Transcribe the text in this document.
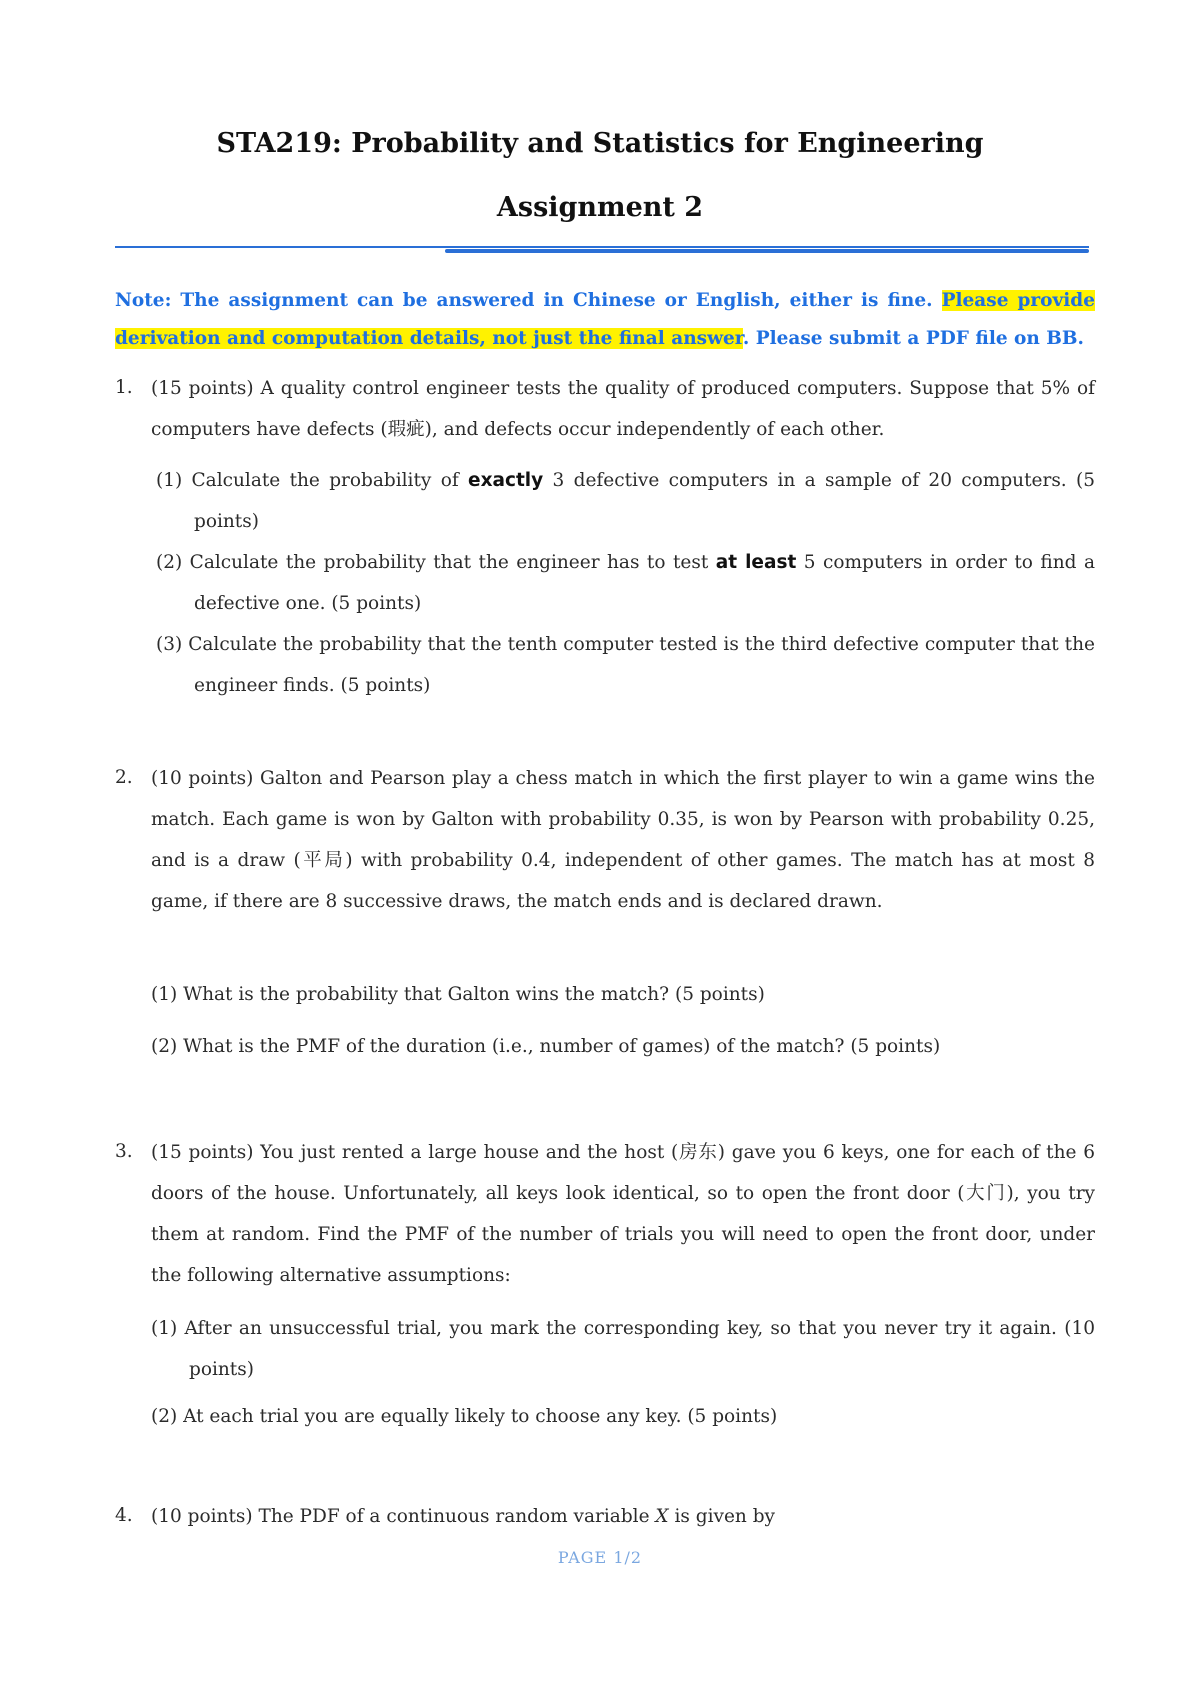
STA219: Probability and Statistics for Engineering
Assignment 2
Note: The assignment can be answered in Chinese or English, either is fine. Please provide derivation and computation details, not just the final answer. Please submit a PDF file on BB.
1. (15 points) A quality control engineer tests the quality of produced computers. Suppose that 5% of computers have defects (瑕疵), and defects occur independently of each other.
(1) Calculate the probability of exactly 3 defective computers in a sample of 20 computers. (5 points)
(2) Calculate the probability that the engineer has to test at least 5 computers in order to find a defective one. (5 points)
(3) Calculate the probability that the tenth computer tested is the third defective computer that the engineer finds. (5 points)
2. (10 points) Galton and Pearson play a chess match in which the first player to win a game wins the match. Each game is won by Galton with probability 0.35, is won by Pearson with probability 0.25, and is a draw (平局) with probability 0.4, independent of other games. The match has at most 8 game, if there are 8 successive draws, the match ends and is declared drawn.
(1) What is the probability that Galton wins the match? (5 points)
(2) What is the PMF of the duration (i.e., number of games) of the match? (5 points)
3. (15 points) You just rented a large house and the host (房东) gave you 6 keys, one for each of the 6 doors of the house. Unfortunately, all keys look identical, so to open the front door (大门), you try them at random. Find the PMF of the number of trials you will need to open the front door, under the following alternative assumptions:
(1) After an unsuccessful trial, you mark the corresponding key, so that you never try it again. (10 points)
(2) At each trial you are equally likely to choose any key. (5 points)
4. (10 points) The PDF of a continuous random variable X is given by
PAGE 1/2
